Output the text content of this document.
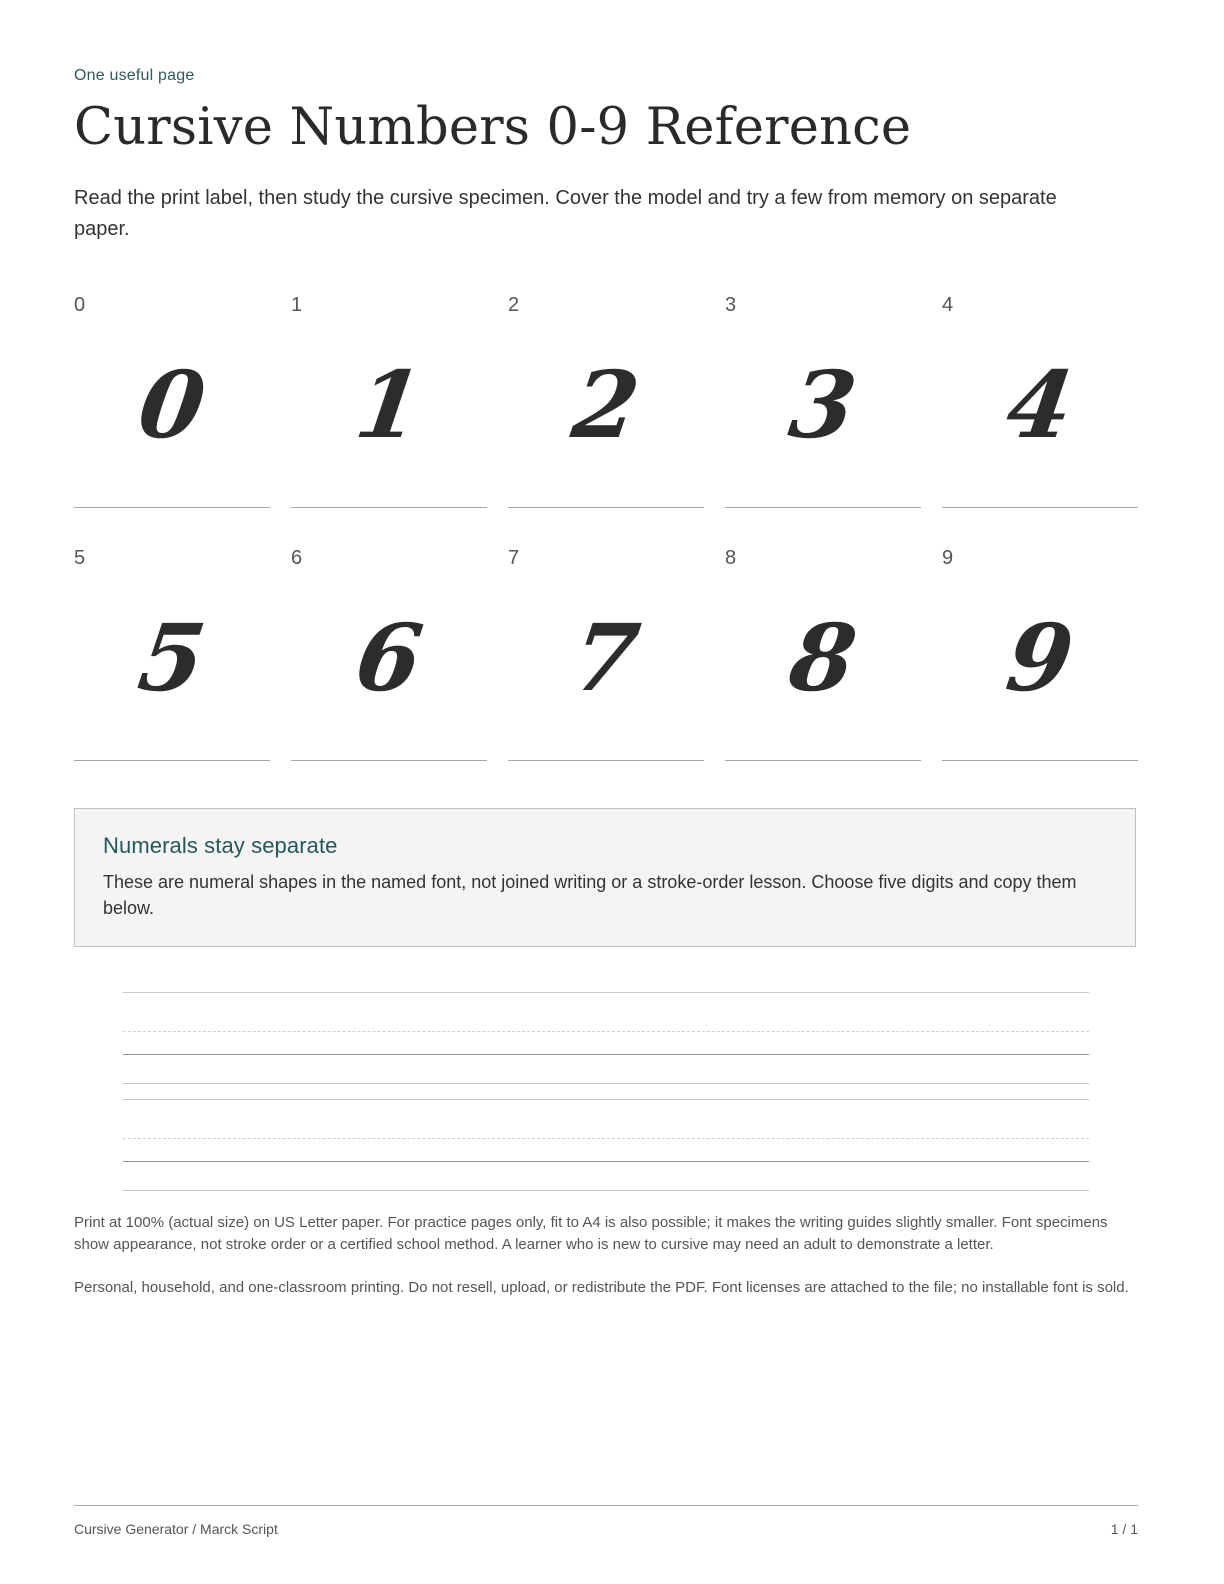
One useful page
Cursive Numbers 0-9 Reference

Read the print label, then study the cursive specimen. Cover the model and try a few from memory on separate paper.

0
0
1
1
2
2
3
3
4
4
5
5
6
6
7
7
8
8
9
9
Numerals stay separate

These are numeral shapes in the named font, not joined writing or a stroke-order lesson. Choose five digits and copy them below.

Print at 100% (actual size) on US Letter paper. For practice pages only, fit to A4 is also possible; it makes the writing guides slightly smaller. Font specimens show appearance, not stroke order or a certified school method. A learner who is new to cursive may need an adult to demonstrate a letter.

Personal, household, and one-classroom printing. Do not resell, upload, or redistribute the PDF. Font licenses are attached to the file; no installable font is sold.

Cursive Generator / Marck Script	1 / 1
